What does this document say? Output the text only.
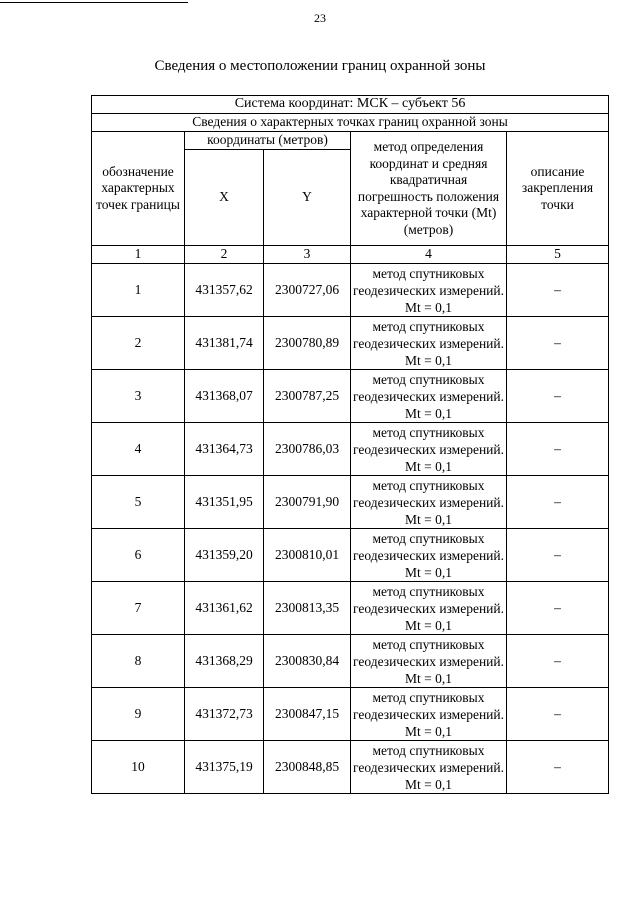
23
Сведения о местоположении границ охранной зоны
Система координат: МСК – субъект 56				
Сведения о характерных точках границ охранной зоны				
обозначение характерных точек границы	координаты (метров)		метод определения координат и средняя квадратичная погрешность положения характерной точки (Mt) (метров)	описание закрепления точки
	X	Y		
1	2	3	4	5
1	431357,62	2300727,06	метод спутниковых геодезических измерений. Mt = 0,1	–
2	431381,74	2300780,89	метод спутниковых геодезических измерений. Mt = 0,1	–
3	431368,07	2300787,25	метод спутниковых геодезических измерений. Mt = 0,1	–
4	431364,73	2300786,03	метод спутниковых геодезических измерений. Mt = 0,1	–
5	431351,95	2300791,90	метод спутниковых геодезических измерений. Mt = 0,1	–
6	431359,20	2300810,01	метод спутниковых геодезических измерений. Mt = 0,1	–
7	431361,62	2300813,35	метод спутниковых геодезических измерений. Mt = 0,1	–
8	431368,29	2300830,84	метод спутниковых геодезических измерений. Mt = 0,1	–
9	431372,73	2300847,15	метод спутниковых геодезических измерений. Mt = 0,1	–
10	431375,19	2300848,85	метод спутниковых геодезических измерений. Mt = 0,1	–
